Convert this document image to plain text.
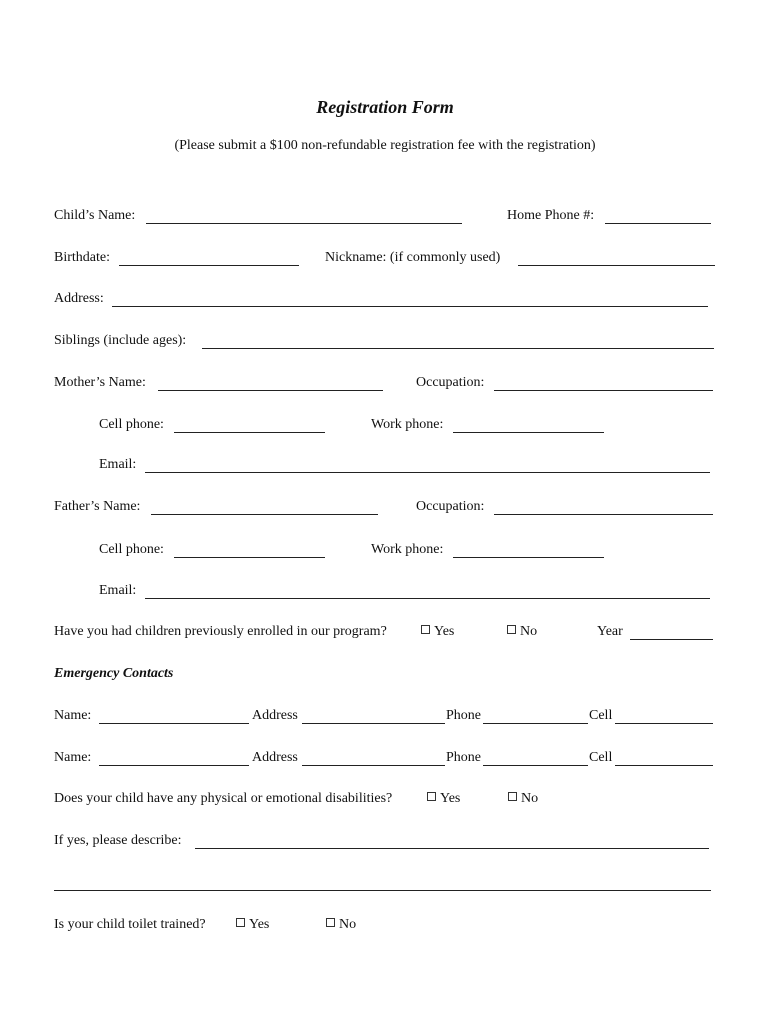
Registration Form
(Please submit a $100 non-refundable registration fee with the registration)
Child’s Name:	Home Phone #:
Birthdate:	Nickname: (if commonly used)
Address:
Siblings (include ages):
Mother’s Name:	Occupation:
Cell phone:	Work phone:
Email:
Father’s Name:	Occupation:
Cell phone:	Work phone:
Email:
Have you had children previously enrolled in our program?	Yes	No	Year
Emergency Contacts
Name:	Address	Phone	Cell
Name:	Address	Phone	Cell
Does your child have any physical or emotional disabilities?	Yes	No
If yes, please describe:
Is your child toilet trained?	Yes	No
